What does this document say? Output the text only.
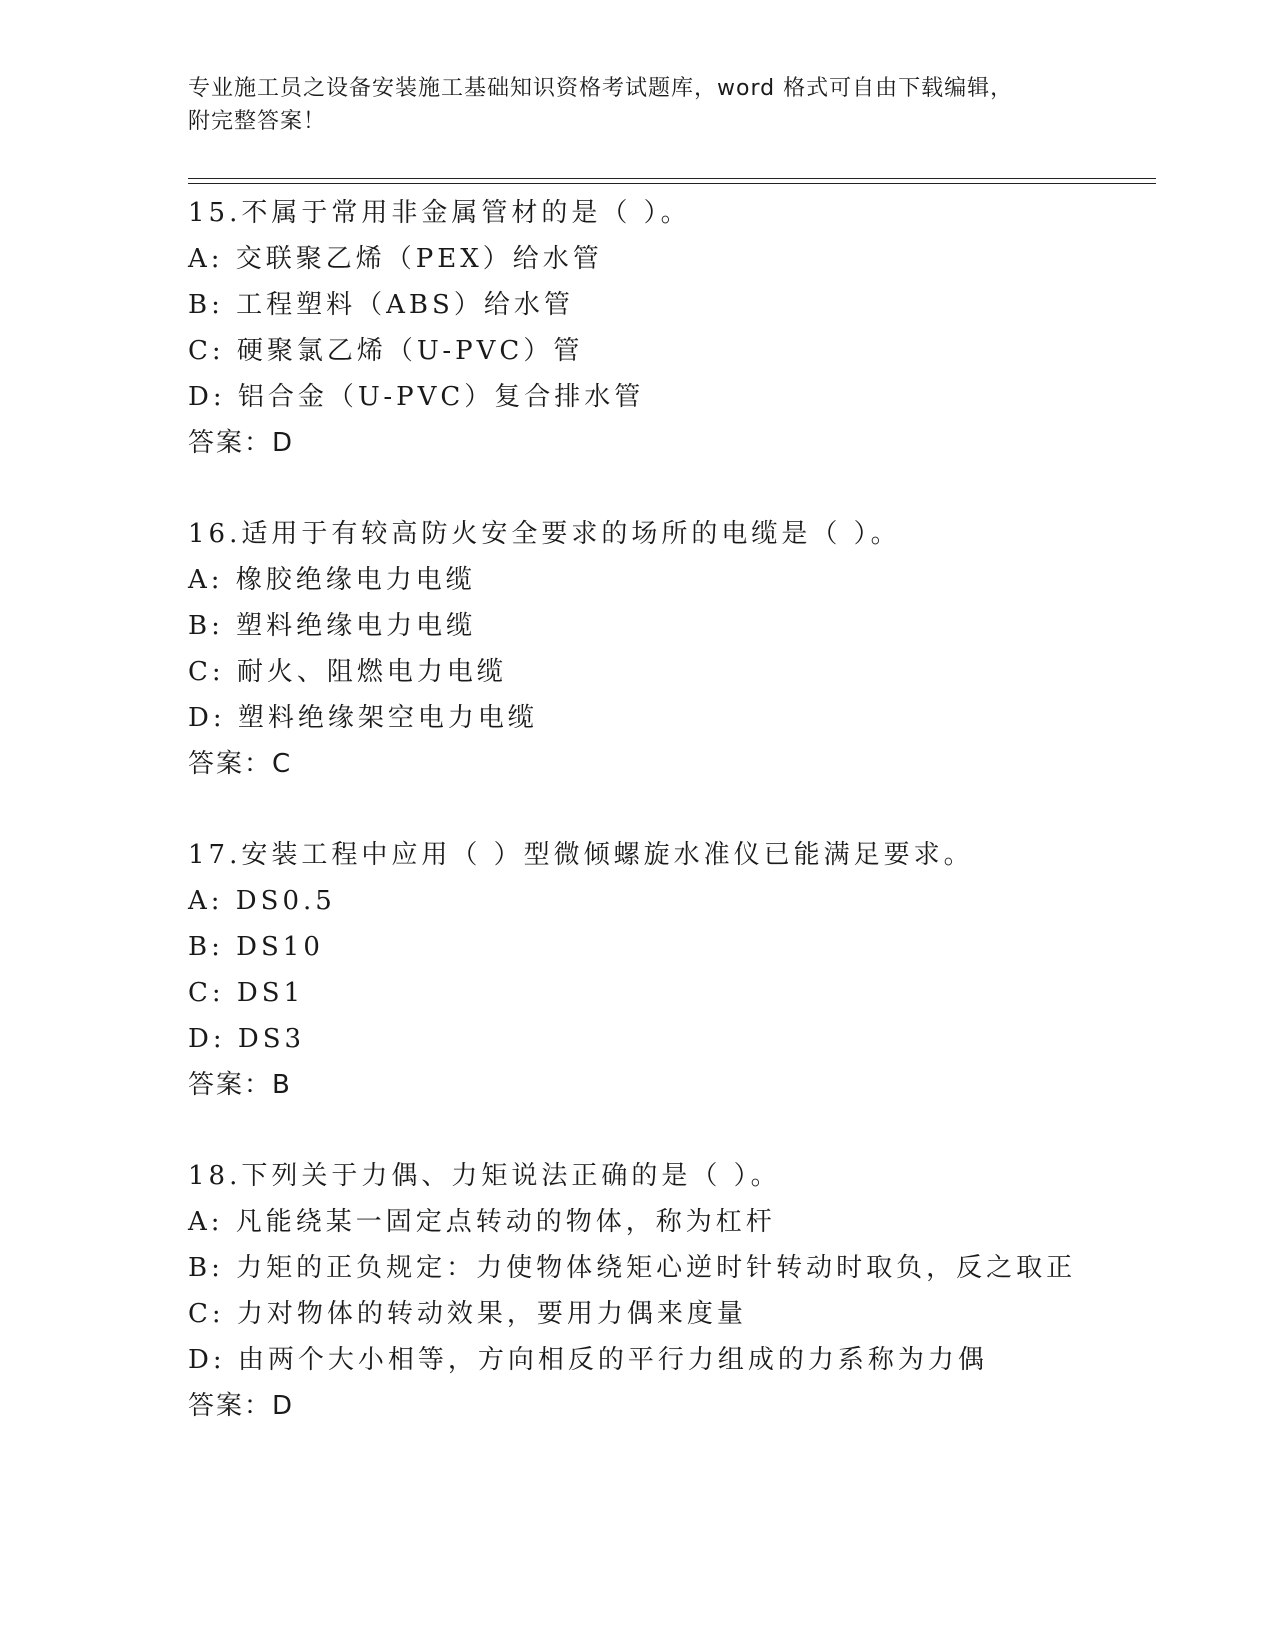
专业施工员之设备安装施工基础知识资格考试题库，word 格式可自由下载编辑，
附完整答案！
15.不属于常用非金属管材的是（ ）。
A: 交联聚乙烯（PEX）给水管
B: 工程塑料（ABS）给水管
C: 硬聚氯乙烯（U-PVC）管
D: 铝合金（U-PVC）复合排水管
答案：D
16.适用于有较高防火安全要求的场所的电缆是（ ）。
A: 橡胶绝缘电力电缆
B: 塑料绝缘电力电缆
C: 耐火、阻燃电力电缆
D: 塑料绝缘架空电力电缆
答案：C
17.安装工程中应用（ ）型微倾螺旋水准仪已能满足要求。
A: DS0.5
B: DS10
C: DS1
D: DS3
答案：B
18.下列关于力偶、力矩说法正确的是（ ）。
A: 凡能绕某一固定点转动的物体，称为杠杆
B: 力矩的正负规定：力使物体绕矩心逆时针转动时取负，反之取正
C: 力对物体的转动效果，要用力偶来度量
D: 由两个大小相等，方向相反的平行力组成的力系称为力偶
答案：D
